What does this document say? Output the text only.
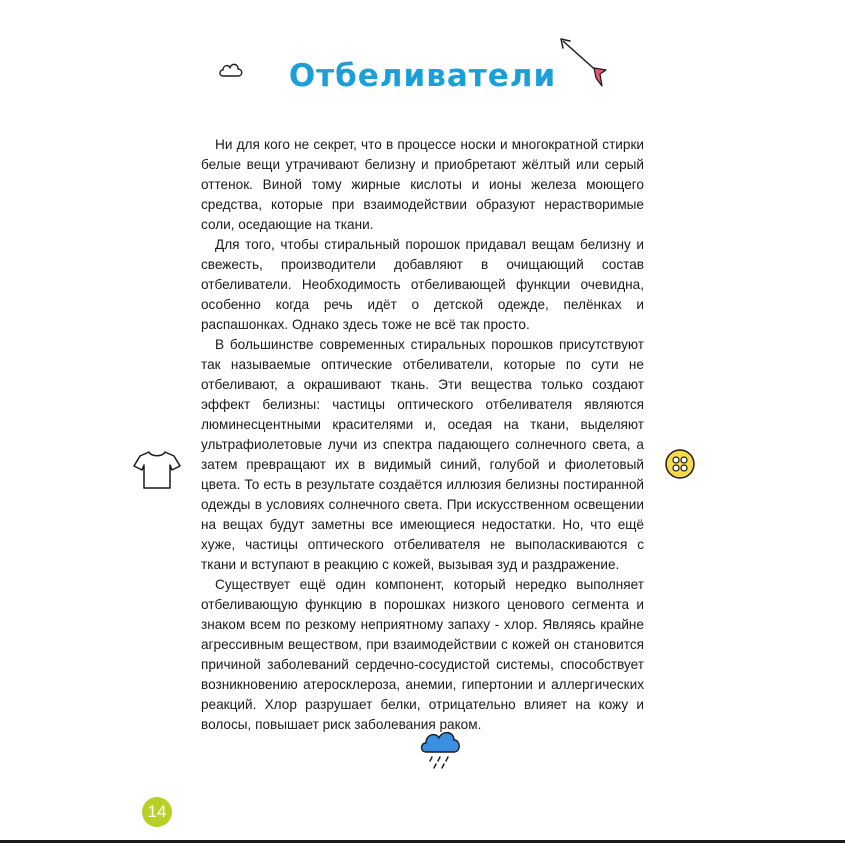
Отбеливатели

Ни для кого не секрет, что в процессе носки и многократной стирки белые вещи утрачивают белизну и приобретают жёлтый или серый оттенок. Виной тому жирные кислоты и ионы железа моющего средства, которые при взаимодействии образуют нерастворимые соли, оседающие на ткани.

Для того, чтобы стиральный порошок придавал вещам белизну и свежесть, производители добавляют в очищающий состав отбеливатели. Необходимость отбеливающей функции очевидна, особенно когда речь идёт о детской одежде, пелёнках и распашонках. Однако здесь тоже не всё так просто.

В большинстве современных стиральных порошков присутствуют так называемые оптические отбеливатели, которые по сути не отбеливают, а окрашивают ткань. Эти вещества только создают эффект белизны: частицы оптического отбеливателя являются люминесцентными красителями и, оседая на ткани, выделяют ультрафиолетовые лучи из спектра падающего солнечного света, а затем превращают их в видимый синий, голубой и фиолетовый цвета. То есть в результате создаётся иллюзия белизны постиранной одежды в условиях солнечного света. При искусственном освещении на вещах будут заметны все имеющиеся недостатки. Но, что ещё хуже, частицы оптического отбеливателя не выполаскиваются с ткани и вступают в реакцию с кожей, вызывая зуд и раздражение.

Существует ещё один компонент, который нередко выполняет отбеливающую функцию в порошках низкого ценового сегмента и знаком всем по резкому неприятному запаху - хлор. Являясь крайне агрессивным веществом, при взаимодействии с кожей он становится причиной заболеваний сердечно-сосудистой системы, способствует возникновению атеросклероза, анемии, гипертонии и аллергических реакций. Хлор разрушает белки, отрицательно влияет на кожу и волосы, повышает риск заболевания раком.

14
